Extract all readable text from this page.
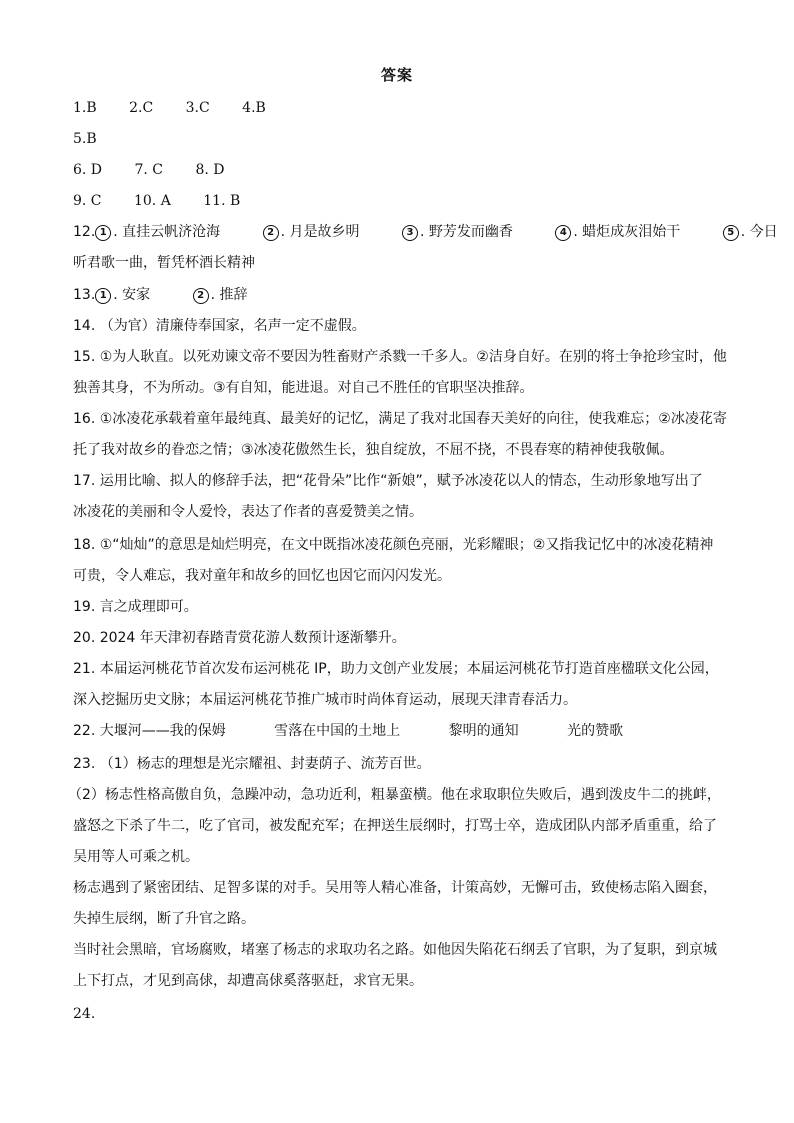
答案
1.B 2.C 3.C 4.B
5.B
6. D 7. C 8. D
9. C 10. A 11. B
12. 1 . 直挂云帆济沧海	2 . 月是故乡明	3 . 野芳发而幽香	4 . 蜡炬成灰泪始干	5 . 今日
听君歌一曲，暂凭杯酒长精神
13. 1 . 安家	2 . 推辞
14. （为官）清廉侍奉国家，名声一定不虚假。
15. ①为人耿直。以死劝谏文帝不要因为牲畜财产杀戮一千多人。②洁身自好。在别的将士争抢珍宝时，他
独善其身，不为所动。③有自知，能进退。对自己不胜任的官职坚决推辞。
16. ①冰凌花承载着童年最纯真、最美好的记忆，满足了我对北国春天美好的向往，使我难忘；②冰凌花寄
托了我对故乡的眷恋之情；③冰凌花傲然生长，独自绽放，不屈不挠，不畏春寒的精神使我敬佩。
17. 运用比喻、拟人的修辞手法，把“花骨朵”比作“新娘”，赋予冰凌花以人的情态，生动形象地写出了
冰凌花的美丽和令人爱怜，表达了作者的喜爱赞美之情。
18. ①“灿灿”的意思是灿烂明亮，在文中既指冰凌花颜色亮丽，光彩耀眼；②又指我记忆中的冰凌花精神
可贵，令人难忘，我对童年和故乡的回忆也因它而闪闪发光。
19. 言之成理即可。
20. 2024 年天津初春踏青赏花游人数预计逐渐攀升。
21. 本届运河桃花节首次发布运河桃花 IP，助力文创产业发展；本届运河桃花节打造首座楹联文化公园，
深入挖掘历史文脉；本届运河桃花节推广城市时尚体育运动，展现天津青春活力。
22. 大堰河——我的保姆	雪落在中国的土地上	黎明的通知	光的赞歌
23. （1）杨志的理想是光宗耀祖、封妻荫子、流芳百世。
（2）杨志性格高傲自负，急躁冲动，急功近利，粗暴蛮横。他在求取职位失败后，遇到泼皮牛二的挑衅，
盛怒之下杀了牛二，吃了官司，被发配充军；在押送生辰纲时，打骂士卒，造成团队内部矛盾重重，给了
吴用等人可乘之机。
杨志遇到了紧密团结、足智多谋的对手。吴用等人精心准备，计策高妙，无懈可击，致使杨志陷入圈套，
失掉生辰纲，断了升官之路。
当时社会黑暗，官场腐败，堵塞了杨志的求取功名之路。如他因失陷花石纲丢了官职，为了复职，到京城
上下打点，才见到高俅，却遭高俅奚落驱赶，求官无果。
24.
